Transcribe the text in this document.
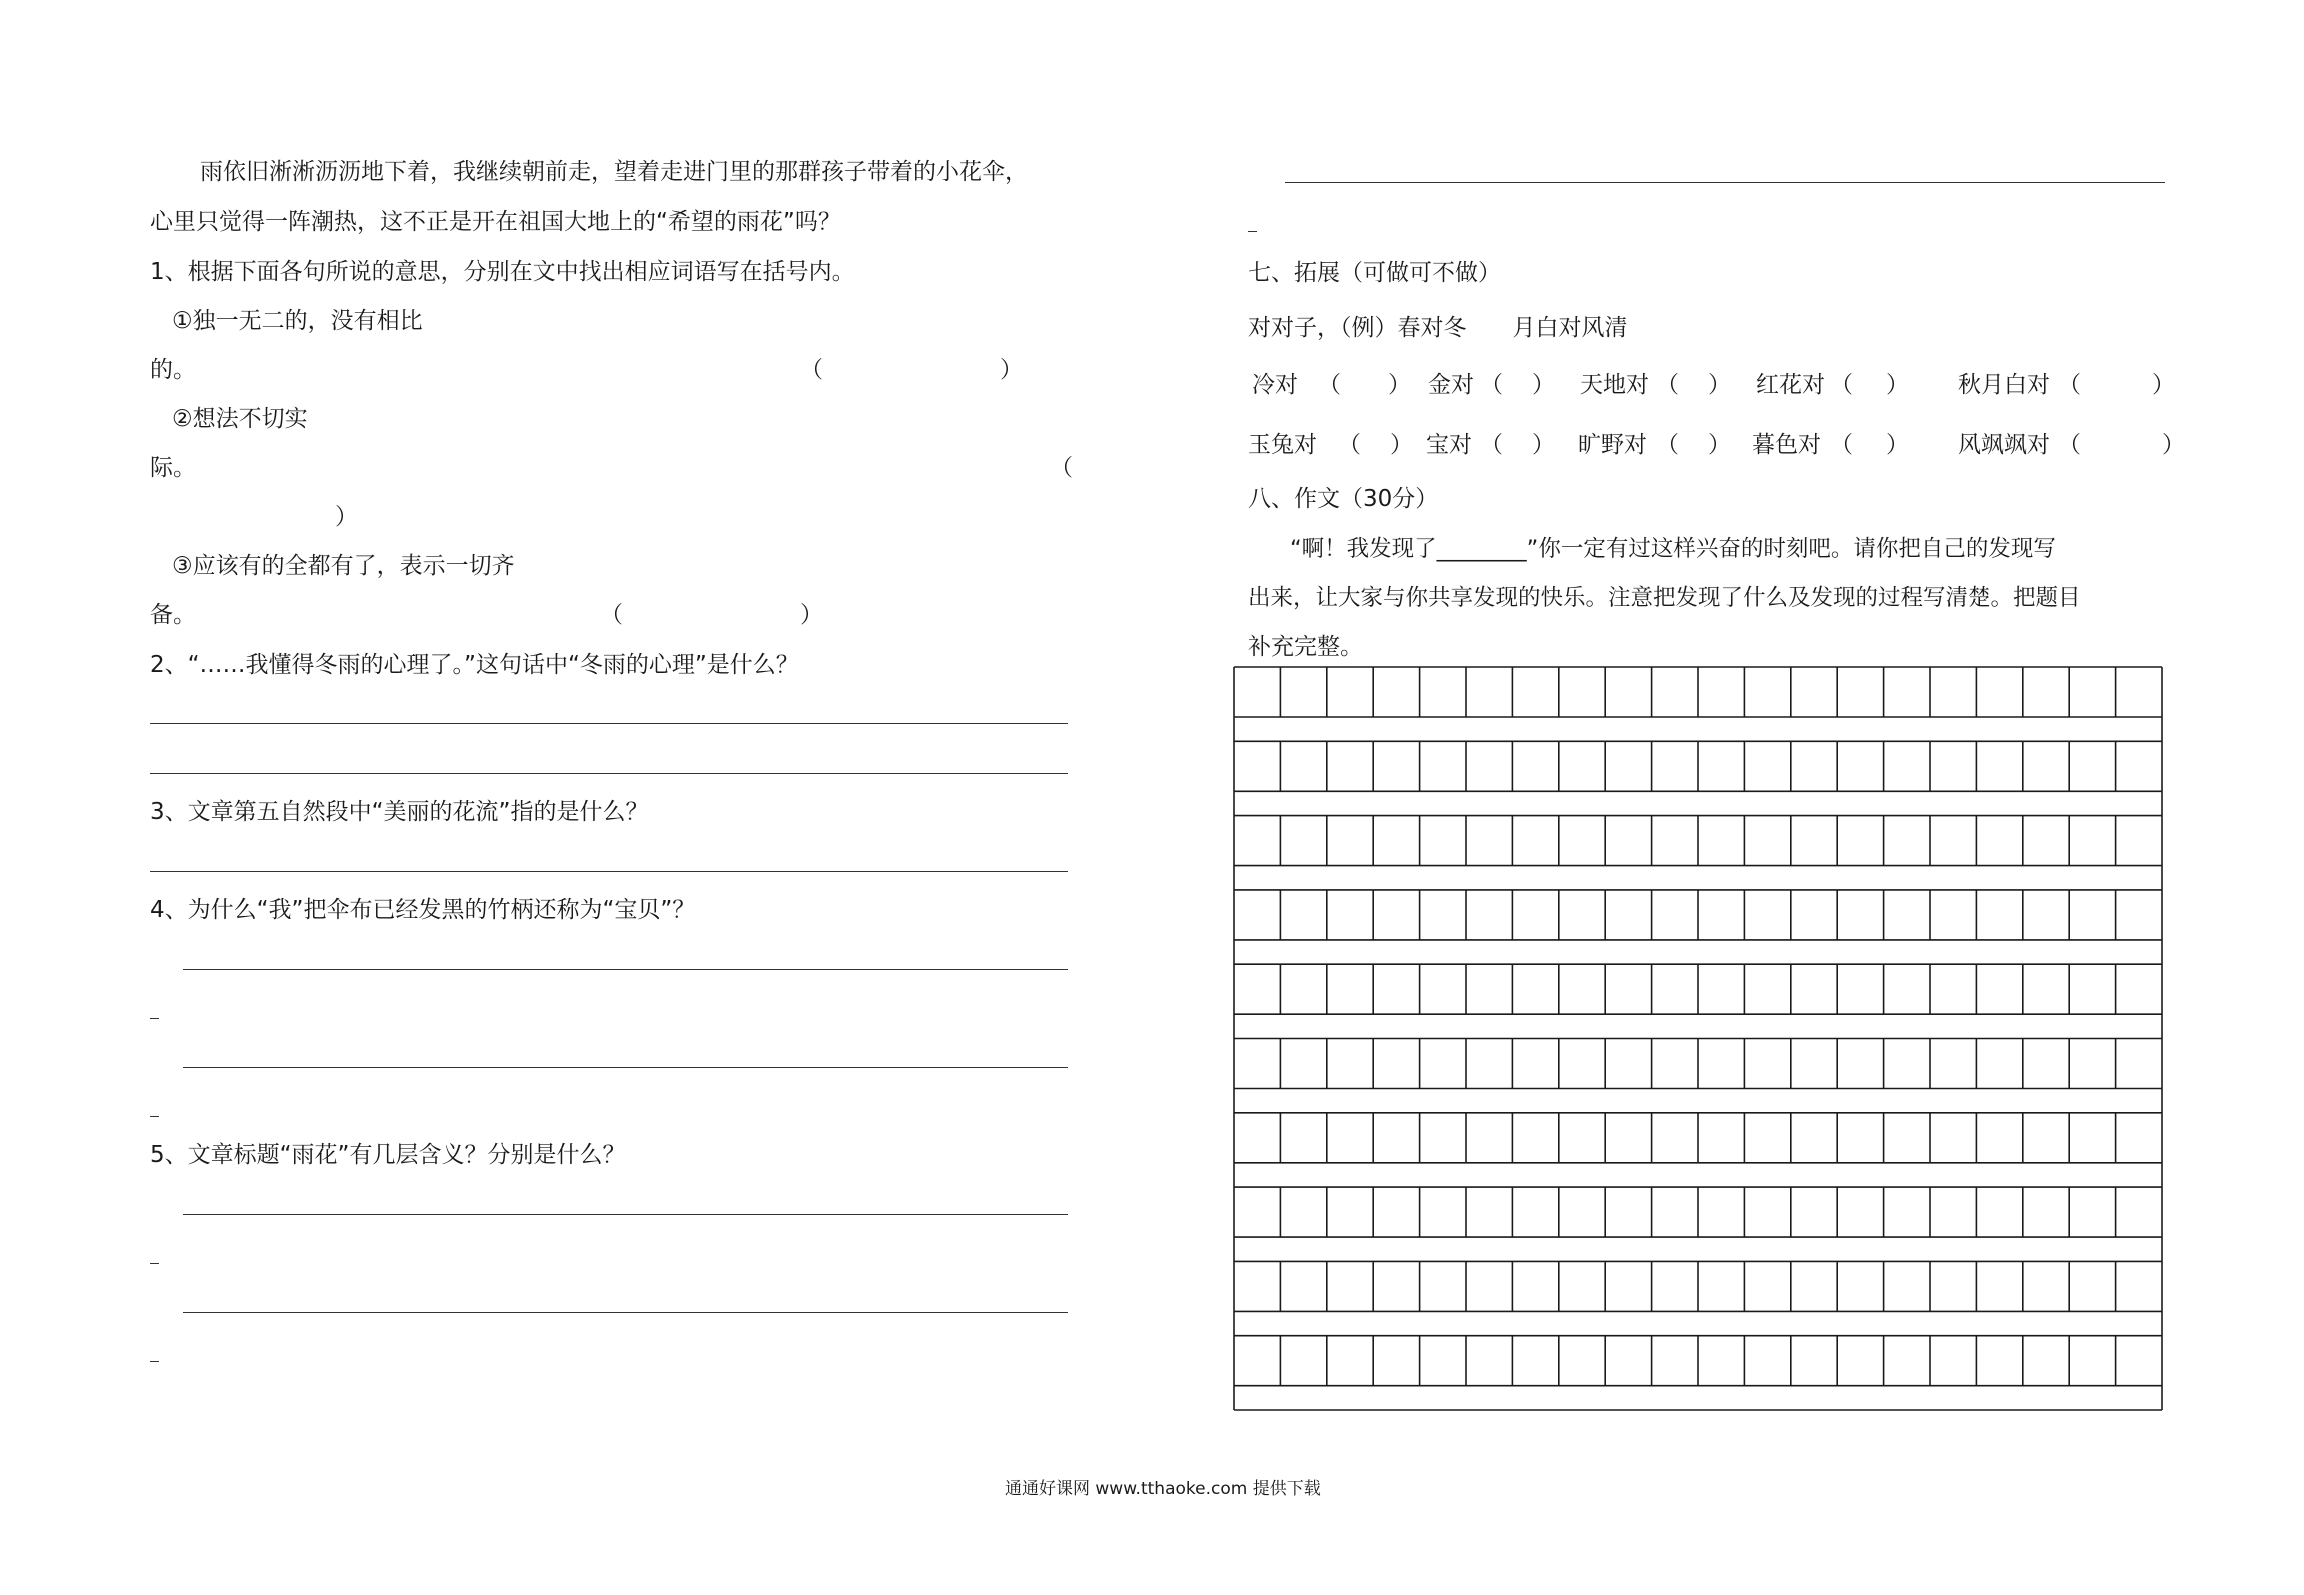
雨依旧淅淅沥沥地下着，我继续朝前走，望着走进门里的那群孩子带着的小花伞，
心里只觉得一阵潮热，这不正是开在祖国大地上的“希望的雨花”吗？
1、根据下面各句所说的意思，分别在文中找出相应词语写在括号内。
①独一无二的，没有相比
的。	（	）
②想法不切实
际。	（
）
③应该有的全都有了，表示一切齐
备。	（	）
2、“……我懂得冬雨的心理了。”这句话中“冬雨的心理”是什么？
3、文章第五自然段中“美丽的花流”指的是什么？
4、为什么“我”把伞布已经发黑的竹柄还称为“宝贝”？
5、文章标题“雨花”有几层含义？分别是什么？
七、拓展（可做可不做）
对对子，（例）春对冬　　月白对风清
冷对 （ ） 金对 （ ） 天地对 （ ） 红花对 （ ） 秋月白对 （	）
玉兔对 （ ） 宝对 （ ） 旷野对 （ ） 暮色对 （ ） 风飒飒对 （	）
八、作文（30分）
“啊！我发现了________”你一定有过这样兴奋的时刻吧。请你把自己的发现写
出来，让大家与你共享发现的快乐。注意把发现了什么及发现的过程写清楚。把题目
补充完整。
通通好课网 www.tthaoke.com 提供下载
